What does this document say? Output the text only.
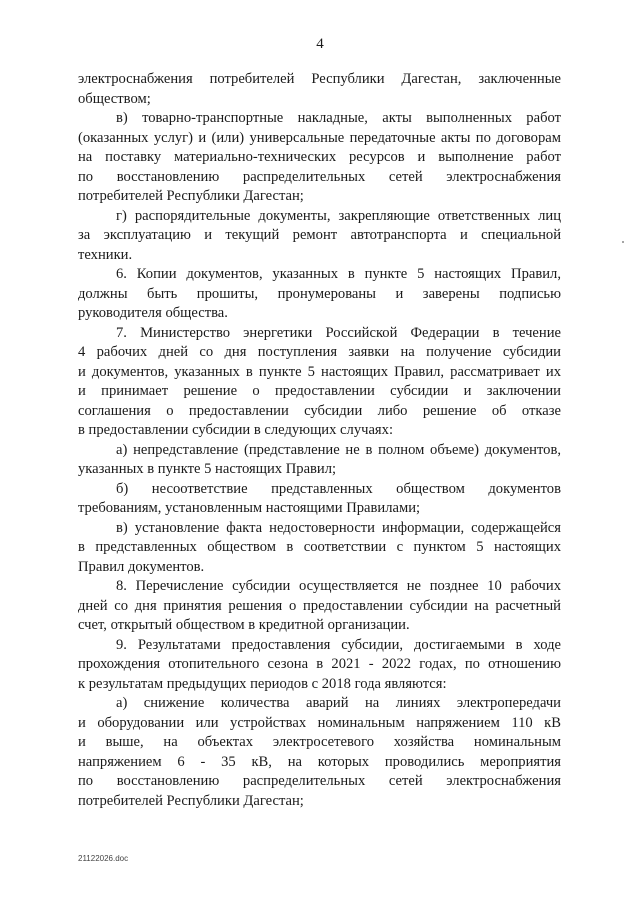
4
электроснабжения потребителей Республики Дагестан, заключенные
обществом;
в) товарно-транспортные накладные, акты выполненных работ
(оказанных услуг) и (или) универсальные передаточные акты по договорам
на поставку материально-технических ресурсов и выполнение работ
по восстановлению распределительных сетей электроснабжения
потребителей Республики Дагестан;
г) распорядительные документы, закрепляющие ответственных лиц
за эксплуатацию и текущий ремонт автотранспорта и специальной
техники.
6. Копии документов, указанных в пункте 5 настоящих Правил,
должны быть прошиты, пронумерованы и заверены подписью
руководителя общества.
7. Министерство энергетики Российской Федерации в течение
4 рабочих дней со дня поступления заявки на получение субсидии
и документов, указанных в пункте 5 настоящих Правил, рассматривает их
и принимает решение о предоставлении субсидии и заключении
соглашения о предоставлении субсидии либо решение об отказе
в предоставлении субсидии в следующих случаях:
а) непредставление (представление не в полном объеме) документов,
указанных в пункте 5 настоящих Правил;
б) несоответствие представленных обществом документов
требованиям, установленным настоящими Правилами;
в) установление факта недостоверности информации, содержащейся
в представленных обществом в соответствии с пунктом 5 настоящих
Правил документов.
8. Перечисление субсидии осуществляется не позднее 10 рабочих
дней со дня принятия решения о предоставлении субсидии на расчетный
счет, открытый обществом в кредитной организации.
9. Результатами предоставления субсидии, достигаемыми в ходе
прохождения отопительного сезона в 2021 - 2022 годах, по отношению
к результатам предыдущих периодов с 2018 года являются:
а) снижение количества аварий на линиях электропередачи
и оборудовании или устройствах номинальным напряжением 110 кВ
и выше, на объектах электросетевого хозяйства номинальным
напряжением 6 - 35 кВ, на которых проводились мероприятия
по восстановлению распределительных сетей электроснабжения
потребителей Республики Дагестан;
21122026.doc
